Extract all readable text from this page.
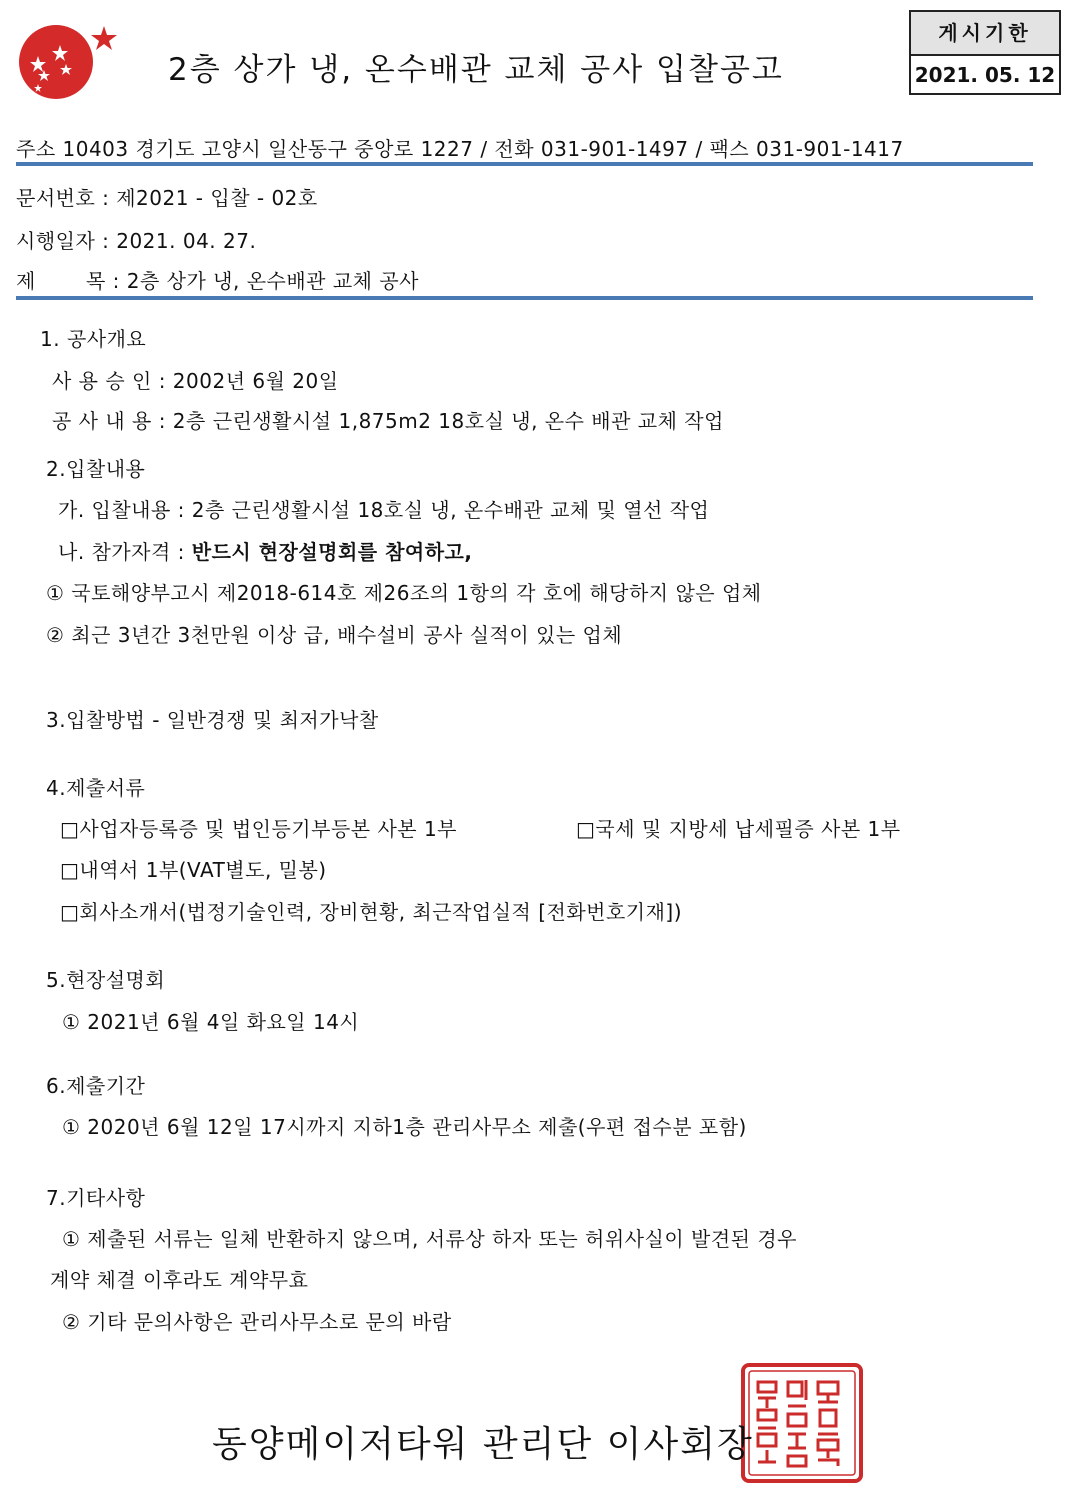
2층 상가 냉, 온수배관 교체 공사 입찰공고
게시기한
2021. 05. 12
주소 10403 경기도 고양시 일산동구 중앙로 1227 / 전화 031-901-1497 / 팩스 031-901-1417
문서번호 : 제2021 - 입찰 - 02호
시행일자 : 2021. 04. 27.
제	목 : 2층 상가 냉, 온수배관 교체 공사
1. 공사개요
사 용 승 인 : 2002년 6월 20일
공 사 내 용 : 2층 근린생활시설 1,875m2 18호실 냉, 온수 배관 교체 작업
2.입찰내용
가. 입찰내용 : 2층 근린생활시설 18호실 냉, 온수배관 교체 및 열선 작업
나. 참가자격 : 반드시 현장설명회를 참여하고,
① 국토해양부고시 제2018-614호 제26조의 1항의 각 호에 해당하지 않은 업체
② 최근 3년간 3천만원 이상 급, 배수설비 공사 실적이 있는 업체
3.입찰방법 - 일반경쟁 및 최저가낙찰
4.제출서류
□사업자등록증 및 법인등기부등본 사본 1부	□국세 및 지방세 납세필증 사본 1부
□내역서 1부(VAT별도, 밀봉)
□회사소개서(법정기술인력, 장비현황, 최근작업실적 [전화번호기재])
5.현장설명회
① 2021년 6월 4일 화요일 14시
6.제출기간
① 2020년 6월 12일 17시까지 지하1층 관리사무소 제출(우편 접수분 포함)
7.기타사항
① 제출된 서류는 일체 반환하지 않으며, 서류상 하자 또는 허위사실이 발견된 경우
계약 체결 이후라도 계약무효
② 기타 문의사항은 관리사무소로 문의 바람
동양메이저타워 관리단 이사회장
